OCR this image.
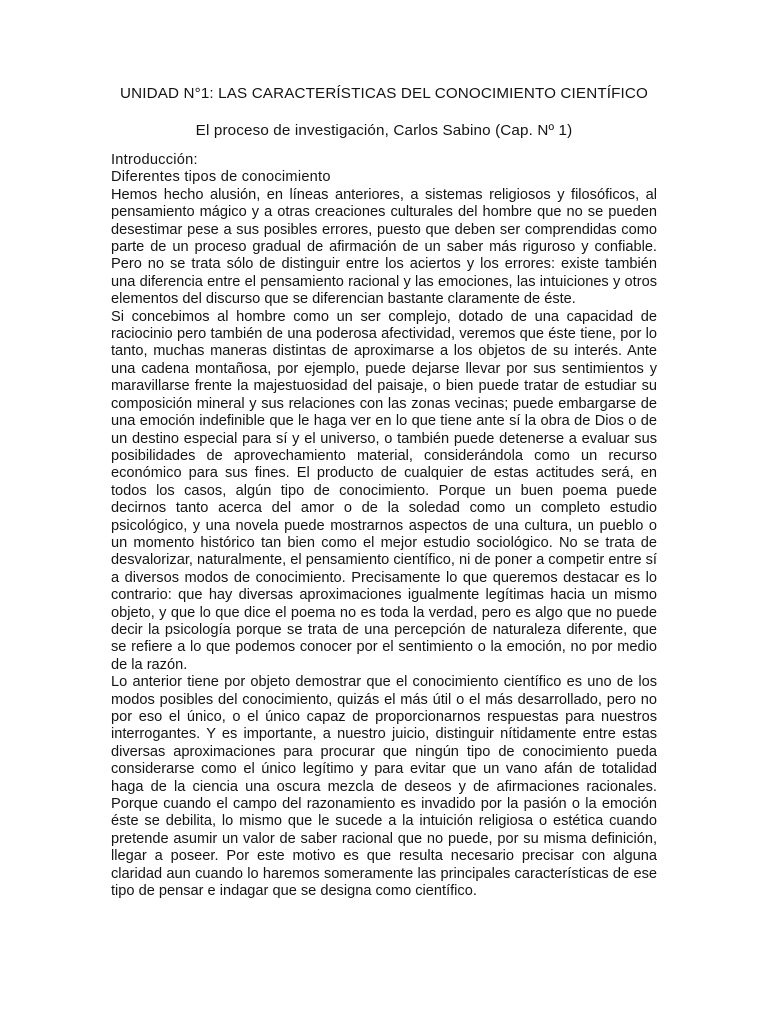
UNIDAD N°1: LAS CARACTERÍSTICAS DEL CONOCIMIENTO CIENTÍFICO
El proceso de investigación, Carlos Sabino (Cap. Nº 1)

Introducción:

Diferentes tipos de conocimiento

Hemos hecho alusión, en líneas anteriores, a sistemas religiosos y filosóficos, al pensamiento mágico y a otras creaciones culturales del hombre que no se pueden desestimar pese a sus posibles errores, puesto que deben ser comprendidas como parte de un proceso gradual de afirmación de un saber más riguroso y confiable. Pero no se trata sólo de distinguir entre los aciertos y los errores: existe también una diferencia entre el pensamiento racional y las emociones, las intuiciones y otros elementos del discurso que se diferencian bastante claramente de éste.

Si concebimos al hombre como un ser complejo, dotado de una capacidad de raciocinio pero también de una poderosa afectividad, veremos que éste tiene, por lo tanto, muchas maneras distintas de aproximarse a los objetos de su interés. Ante una cadena montañosa, por ejemplo, puede dejarse llevar por sus sentimientos y maravillarse frente la majestuosidad del paisaje, o bien puede tratar de estudiar su composición mineral y sus relaciones con las zonas vecinas; puede embargarse de una emoción indefinible que le haga ver en lo que tiene ante sí la obra de Dios o de un destino especial para sí y el universo, o también puede detenerse a evaluar sus posibilidades de aprovechamiento material, considerándola como un recurso económico para sus fines. El producto de cualquier de estas actitudes será, en todos los casos, algún tipo de conocimiento. Porque un buen poema puede decirnos tanto acerca del amor o de la soledad como un completo estudio psicológico, y una novela puede mostrarnos aspectos de una cultura, un pueblo o un momento histórico tan bien como el mejor estudio sociológico. No se trata de desvalorizar, naturalmente, el pensamiento científico, ni de poner a competir entre sí a diversos modos de conocimiento. Precisamente lo que queremos destacar es lo contrario: que hay diversas aproximaciones igualmente legítimas hacia un mismo objeto, y que lo que dice el poema no es toda la verdad, pero es algo que no puede decir la psicología porque se trata de una percepción de naturaleza diferente, que se refiere a lo que podemos conocer por el sentimiento o la emoción, no por medio de la razón.

Lo anterior tiene por objeto demostrar que el conocimiento científico es uno de los modos posibles del conocimiento, quizás el más útil o el más desarrollado, pero no por eso el único, o el único capaz de proporcionarnos respuestas para nuestros interrogantes. Y es importante, a nuestro juicio, distinguir nítidamente entre estas diversas aproximaciones para procurar que ningún tipo de conocimiento pueda considerarse como el único legítimo y para evitar que un vano afán de totalidad haga de la ciencia una oscura mezcla de deseos y de afirmaciones racionales. Porque cuando el campo del razonamiento es invadido por la pasión o la emoción éste se debilita, lo mismo que le sucede a la intuición religiosa o estética cuando pretende asumir un valor de saber racional que no puede, por su misma definición, llegar a poseer. Por este motivo es que resulta necesario precisar con alguna claridad aun cuando lo haremos someramente las principales características de ese tipo de pensar e indagar que se designa como científico.
